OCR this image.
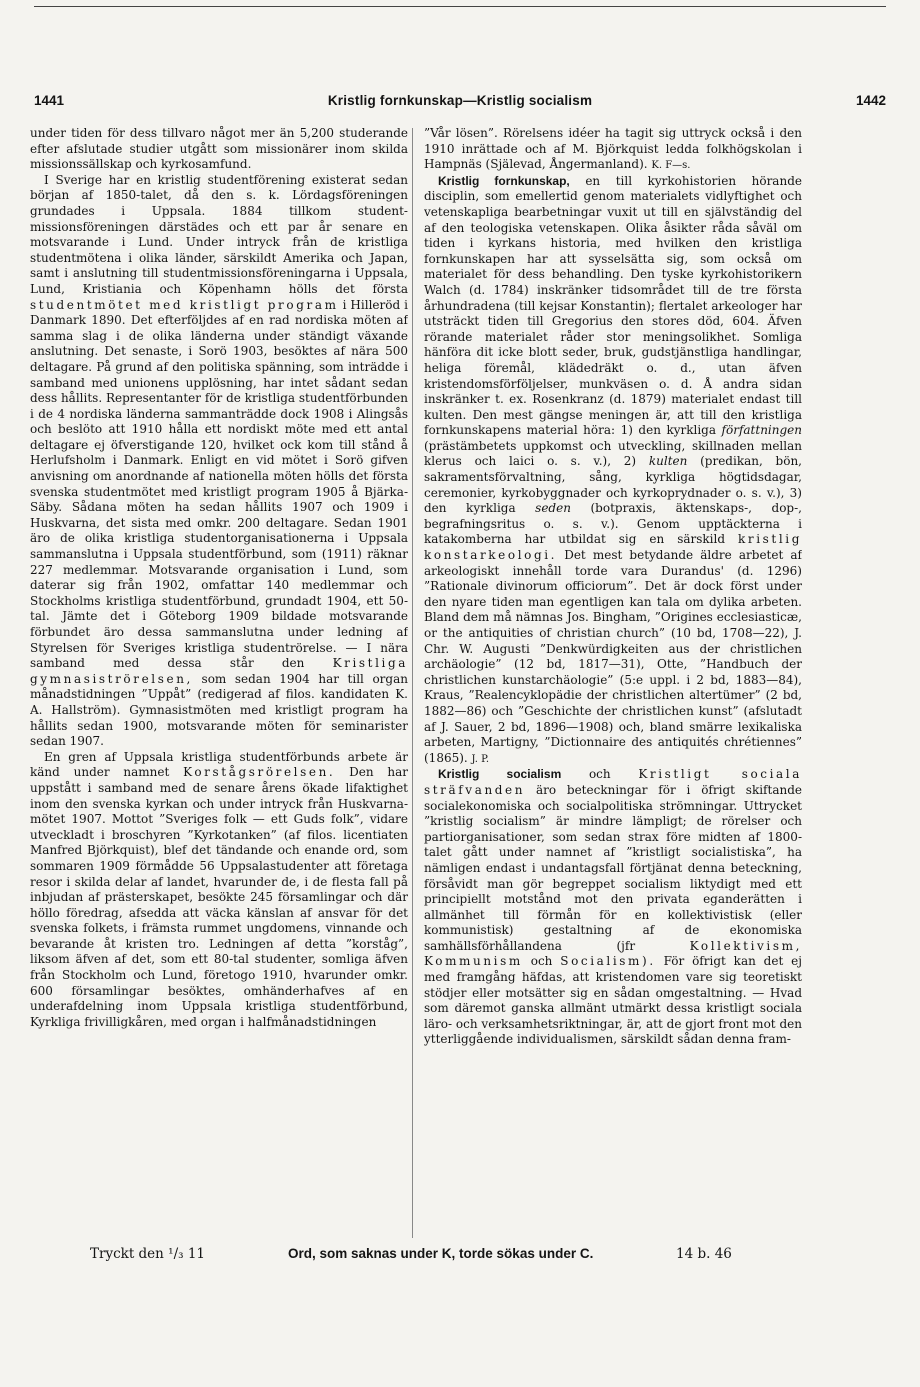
1441	Kristlig fornkunskap—Kristlig socialism	1442

under tiden för dess tillvaro något mer än 5,200 studerande efter afslutade studier utgått som missionärer inom skilda missionssällskap och kyrkosamfund.

I Sverige har en kristlig studentförening existerat sedan början af 1850-talet, då den s. k. Lördagsföreningen grundades i Uppsala. 1884 tillkom student-missionsföreningen därstädes och ett par år senare en motsvarande i Lund. Under intryck från de kristliga studentmötena i olika länder, särskildt Amerika och Japan, samt i anslutning till studentmissionsföreningarna i Uppsala, Lund, Kristiania och Köpenhamn hölls det första studentmötet med kristligt program i Hilleröd i Danmark 1890. Det efterföljdes af en rad nordiska möten af samma slag i de olika länderna under ständigt växande anslutning. Det senaste, i Sorö 1903, besöktes af nära 500 deltagare. På grund af den politiska spänning, som inträdde i samband med unionens upplösning, har intet sådant sedan dess hållits. Representanter för de kristliga studentförbunden i de 4 nordiska länderna sammanträdde dock 1908 i Alingsås och beslöto att 1910 hålla ett nordiskt möte med ett antal deltagare ej öfverstigande 120, hvilket ock kom till stånd å Herlufsholm i Danmark. Enligt en vid mötet i Sorö gifven anvisning om anordnande af nationella möten hölls det första svenska studentmötet med kristligt program 1905 å Bjärka-Säby. Sådana möten ha sedan hållits 1907 och 1909 i Huskvarna, det sista med omkr. 200 deltagare. Sedan 1901 äro de olika kristliga studentorganisationerna i Uppsala sammanslutna i Uppsala studentförbund, som (1911) räknar 227 medlemmar. Motsvarande organisation i Lund, som daterar sig från 1902, omfattar 140 medlemmar och Stockholms kristliga studentförbund, grundadt 1904, ett 50-tal. Jämte det i Göteborg 1909 bildade motsvarande förbundet äro dessa sammanslutna under ledning af Styrelsen för Sveriges kristliga studentrörelse. — I nära samband med dessa står den Kristliga gymnasiströrelsen, som sedan 1904 har till organ månadstidningen ”Uppåt” (redigerad af filos. kandidaten K. A. Hallström). Gymnasistmöten med kristligt program ha hållits sedan 1900, motsvarande möten för seminarister sedan 1907.

En gren af Uppsala kristliga studentförbunds arbete är känd under namnet Korstågsrörelsen. Den har uppstått i samband med de senare årens ökade lifaktighet inom den svenska kyrkan och under intryck från Huskvarna-mötet 1907. Mottot ”Sveriges folk — ett Guds folk”, vidare utveckladt i broschyren ”Kyrkotanken” (af filos. licentiaten Manfred Björkquist), blef det tändande och enande ord, som sommaren 1909 förmådde 56 Uppsalastudenter att företaga resor i skilda delar af landet, hvarunder de, i de flesta fall på inbjudan af prästerskapet, besökte 245 församlingar och där höllo föredrag, afsedda att väcka känslan af ansvar för det svenska folkets, i främsta rummet ungdomens, vinnande och bevarande åt kristen tro. Ledningen af detta ”korståg”, liksom äfven af det, som ett 80-tal studenter, somliga äfven från Stockholm och Lund, företogo 1910, hvarunder omkr. 600 församlingar besöktes, omhänderhafves af en underafdelning inom Uppsala kristliga studentförbund, Kyrkliga frivilligkåren, med organ i halfmånadstidningen

”Vår lösen”. Rörelsens idéer ha tagit sig uttryck också i den 1910 inrättade och af M. Björkquist ledda folkhögskolan i Hampnäs (Själevad, Ångermanland). K. F—s.

Kristlig fornkunskap, en till kyrkohistorien hörande disciplin, som emellertid genom materialets vidlyftighet och vetenskapliga bearbetningar vuxit ut till en självständig del af den teologiska vetenskapen. Olika åsikter råda såväl om tiden i kyrkans historia, med hvilken den kristliga fornkunskapen har att sysselsätta sig, som också om materialet för dess behandling. Den tyske kyrkohistorikern Walch (d. 1784) inskränker tidsområdet till de tre första århundradena (till kejsar Konstantin); flertalet arkeologer har utsträckt tiden till Gregorius den stores död, 604. Äfven rörande materialet råder stor meningsolikhet. Somliga hänföra dit icke blott seder, bruk, gudstjänstliga handlingar, heliga föremål, klädedräkt o. d., utan äfven kristendomsförföljelser, munkväsen o. d. Å andra sidan inskränker t. ex. Rosenkranz (d. 1879) materialet endast till kulten. Den mest gängse meningen är, att till den kristliga fornkunskapens material höra: 1) den kyrkliga författningen (prästämbetets uppkomst och utveckling, skillnaden mellan klerus och laici o. s. v.), 2) kulten (predikan, bön, sakramentsförvaltning, sång, kyrkliga högtidsdagar, ceremonier, kyrkobyggnader och kyrkoprydnader o. s. v.), 3) den kyrkliga seden (botpraxis, äktenskaps-, dop-, begrafningsritus o. s. v.). Genom upptäckterna i katakomberna har utbildat sig en särskild kristlig konstarkeologi. Det mest betydande äldre arbetet af arkeologiskt innehåll torde vara Durandus' (d. 1296) ”Rationale divinorum officiorum”. Det är dock först under den nyare tiden man egentligen kan tala om dylika arbeten. Bland dem må nämnas Jos. Bingham, ”Origines ecclesiasticæ, or the antiquities of christian church” (10 bd, 1708—22), J. Chr. W. Augusti ”Denkwürdigkeiten aus der christlichen archäologie” (12 bd, 1817—31), Otte, ”Handbuch der christlichen kunstarchäologie” (5:e uppl. i 2 bd, 1883—84), Kraus, ”Realencyklopädie der christlichen altertümer” (2 bd, 1882—86) och ”Geschichte der christlichen kunst” (afslutadt af J. Sauer, 2 bd, 1896—1908) och, bland smärre lexikaliska arbeten, Martigny, ”Dictionnaire des antiquités chrétiennes” (1865). J. P.

Kristlig socialism och Kristligt sociala sträfvanden äro beteckningar för i öfrigt skiftande socialekonomiska och socialpolitiska strömningar. Uttrycket ”kristlig socialism” är mindre lämpligt; de rörelser och partiorganisationer, som sedan strax före midten af 1800-talet gått under namnet af ”kristligt socialistiska”, ha nämligen endast i undantagsfall förtjänat denna beteckning, försåvidt man gör begreppet socialism liktydigt med ett principiellt motstånd mot den privata eganderätten i allmänhet till förmån för en kollektivistisk (eller kommunistisk) gestaltning af de ekonomiska samhällsförhållandena (jfr	Kollektivism, Kommunism och Socialism). För öfrigt kan det ej med framgång häfdas, att kristendomen vare sig teoretiskt stödjer eller motsätter sig en sådan omgestaltning. — Hvad som däremot ganska allmänt utmärkt dessa kristligt sociala läro- och verksamhetsriktningar, är, att de gjort front mot den ytterliggående individualismen, särskildt sådan denna fram-

Tryckt den ¹/₃ 11	Ord, som saknas under K, torde sökas under C.	14 b. 46
